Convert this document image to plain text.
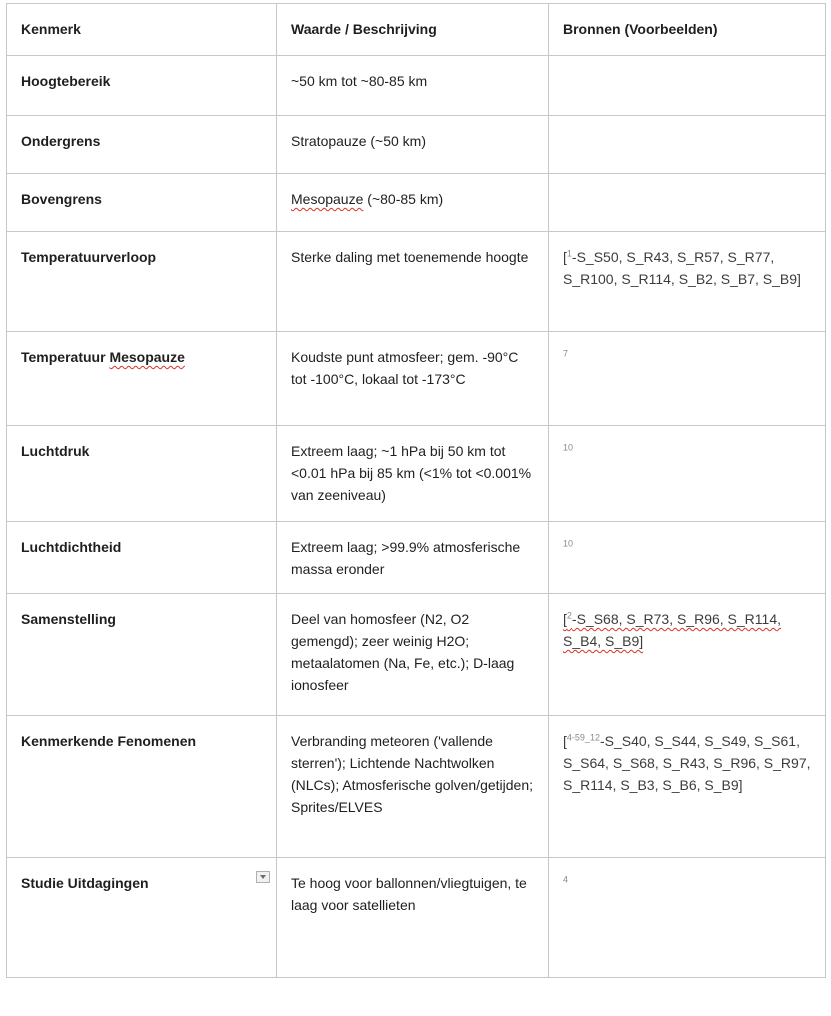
Kenmerk	Waarde / Beschrijving	Bronnen (Voorbeelden)
Hoogtebereik	~50 km tot ~80-85 km	
Ondergrens	Stratopauze (~50 km)	
Bovengrens	Mesopauze (~80-85 km)	
Temperatuurverloop	Sterke daling met toenemende hoogte	[$^1$-S_S50, S_R43, S_R57, S_R77, S_R100, S_R114, S_B2, S_B7, S_B9]
Temperatuur Mesopauze	Koudste punt atmosfeer; gem. -90°C tot -100°C, lokaal tot -173°C	$^7$
Luchtdruk	Extreem laag; ~1 hPa bij 50 km tot <0.01 hPa bij 85 km (<1% tot <0.001% van zeeniveau)	$^{10}$
Luchtdichtheid	Extreem laag; >99.9% atmosferische massa eronder	$^{10}$
Samenstelling	Deel van homosfeer (N2, O2 gemengd); zeer weinig H2O; metaalatomen (Na, Fe, etc.); D-laag ionosfeer	[$^2$-S_S68, S_R73, S_R96, S_R114, S_B4, S_B9]
Kenmerkende Fenomenen	Verbranding meteoren ('vallende sterren'); Lichtende Nachtwolken (NLCs); Atmosferische golven/getijden; Sprites/ELVES	[$^{4-59\_12}$-S_S40, S_S44, S_S49, S_S61, S_S64, S_S68, S_R43, S_R96, S_R97, S_R114, S_B3, S_B6, S_B9]
Studie Uitdagingen	Te hoog voor ballonnen/vliegtuigen, te laag voor satellieten	$^4$
